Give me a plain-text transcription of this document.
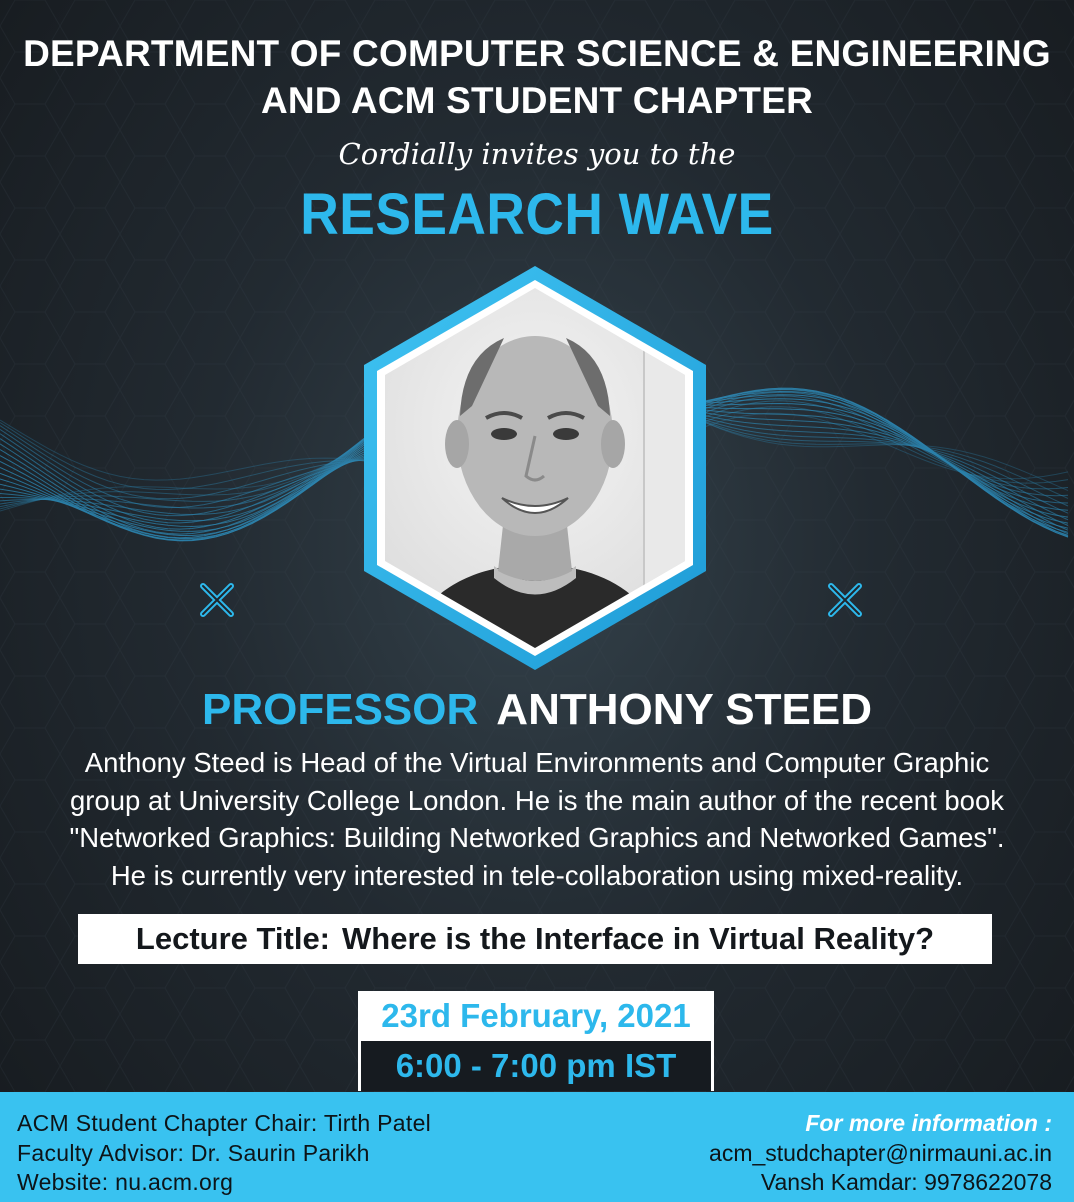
DEPARTMENT OF COMPUTER SCIENCE & ENGINEERING
AND ACM STUDENT CHAPTER
Cordially invites you to the
RESEARCH WAVE
PROFESSOR ANTHONY STEED
Anthony Steed is Head of the Virtual Environments and Computer Graphic
group at University College London. He is the main author of the recent book
"Networked Graphics: Building Networked Graphics and Networked Games".
He is currently very interested in tele-collaboration using mixed-reality.
Lecture Title: Where is the Interface in Virtual Reality?
23rd February, 2021
6:00 - 7:00 pm IST
ACM Student Chapter Chair: Tirth Patel
Faculty Advisor: Dr. Saurin Parikh
Website: nu.acm.org
For more information :
acm_studchapter@nirmauni.ac.in
Vansh Kamdar: 9978622078
